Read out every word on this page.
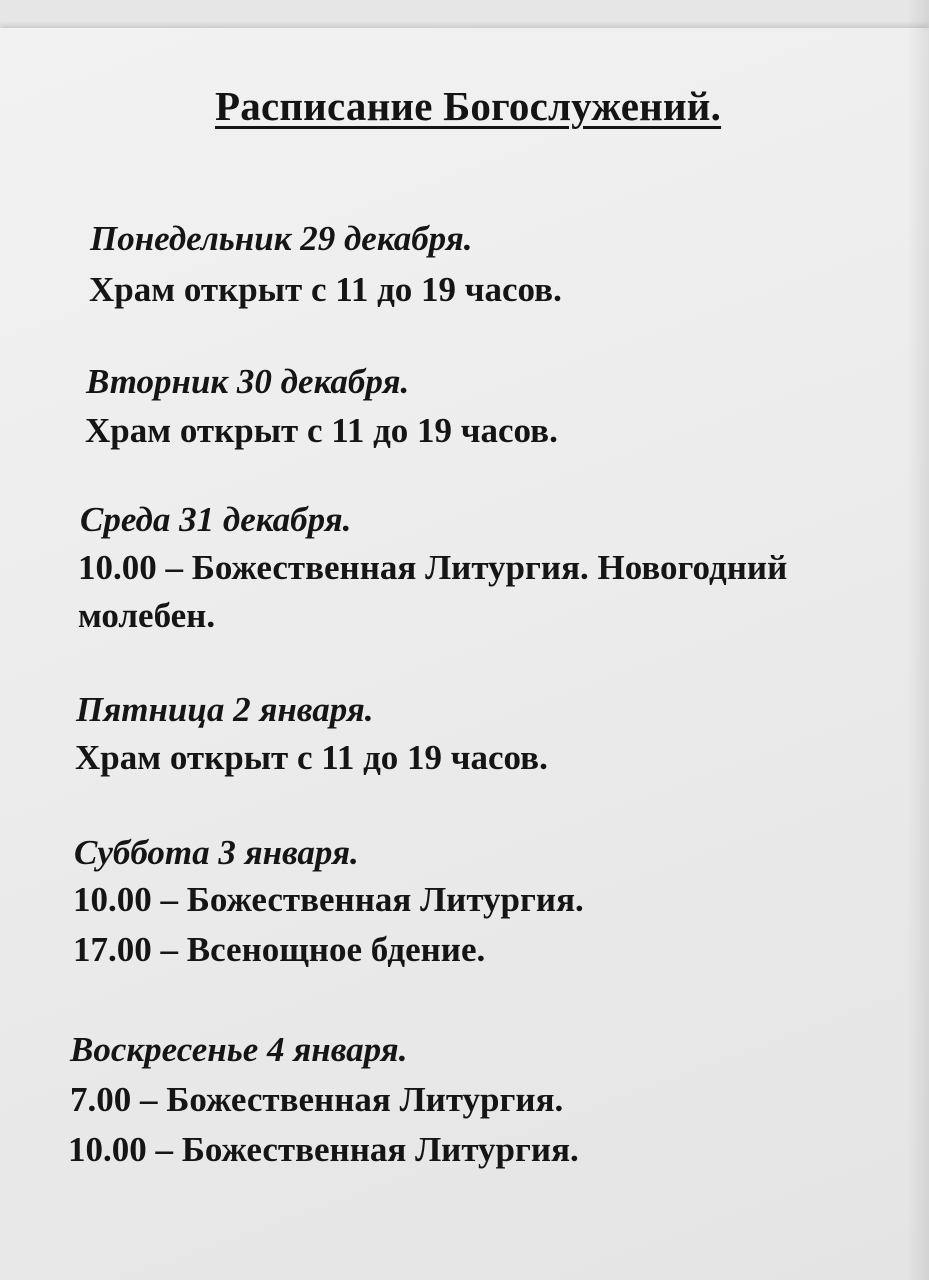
Расписание Богослужений.
Понедельник 29 декабря.
Храм открыт с 11 до 19 часов.
Вторник 30 декабря.
Храм открыт с 11 до 19 часов.
Среда 31 декабря.
10.00 – Божественная Литургия. Новогодний
молебен.
Пятница 2 января.
Храм открыт с 11 до 19 часов.
Суббота 3 января.
10.00 – Божественная Литургия.
17.00 – Всенощное бдение.
Воскресенье 4 января.
7.00 – Божественная Литургия.
10.00 – Божественная Литургия.
